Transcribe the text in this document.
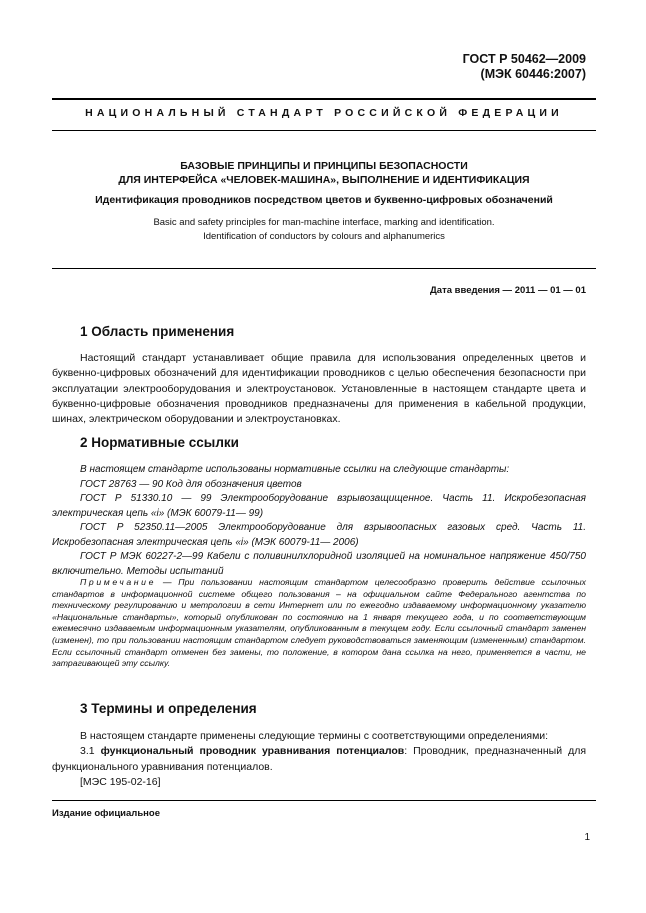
ГОСТ Р 50462—2009
(МЭК 60446:2007)
НАЦИОНАЛЬНЫЙ СТАНДАРТ РОССИЙСКОЙ ФЕДЕРАЦИИ
БАЗОВЫЕ ПРИНЦИПЫ И ПРИНЦИПЫ БЕЗОПАСНОСТИ
ДЛЯ ИНТЕРФЕЙСА «ЧЕЛОВЕК-МАШИНА», ВЫПОЛНЕНИЕ И ИДЕНТИФИКАЦИЯ
Идентификация проводников посредством цветов и буквенно-цифровых обозначений
Basic and safety principles for man-machine interface, marking and identification.
Identification of conductors by colours and alphanumerics
Дата введения — 2011 — 01 — 01
1 Область применения

Настоящий стандарт устанавливает общие правила для использования определенных цветов и буквенно-цифровых обозначений для идентификации проводников с целью обеспечения безопасности при эксплуатации электрооборудования и электроустановок. Установленные в настоящем стандарте цвета и буквенно-цифровые обозначения проводников предназначены для применения в кабельной продукции, шинах, электрическом оборудовании и электроустановках.

2 Нормативные ссылки

В настоящем стандарте использованы нормативные ссылки на следующие стандарты:

ГОСТ 28763 — 90 Код для обозначения цветов

ГОСТ Р 51330.10 — 99 Электрооборудование взрывозащищенное. Часть 11. Искробезопасная электрическая цепь «i» (МЭК 60079-11— 99)

ГОСТ Р 52350.11—2005 Электрооборудование для взрывоопасных газовых сред. Часть 11. Искробезопасная электрическая цепь «i» (МЭК 60079-11— 2006)

ГОСТ Р МЭК 60227-2—99 Кабели с поливинилхлоридной изоляцией на номинальное напряжение 450/750 включительно. Методы испытаний

Примечание — При пользовании настоящим стандартом целесообразно проверить действие ссылочных стандартов в информационной системе общего пользования – на официальном сайте Федерального агентства по техническому регулированию и метрологии в сети Интернет или по ежегодно издаваемому информационному указателю «Национальные стандарты», который опубликован по состоянию на 1 января текущего года, и по соответствующим ежемесячно издаваемым информационным указателям, опубликованным в текущем году. Если ссылочный стандарт заменен (изменен), то при пользовании настоящим стандартом следует руководствоваться заменяющим (измененным) стандартом. Если ссылочный стандарт отменен без замены, то положение, в котором дана ссылка на него, применяется в части, не затрагивающей эту ссылку.

3 Термины и определения

В настоящем стандарте применены следующие термины с соответствующими определениями:

3.1 функциональный проводник уравнивания потенциалов: Проводник, предназначенный для функционального уравнивания потенциалов.

[МЭС 195-02-16]

Издание официальное
1
